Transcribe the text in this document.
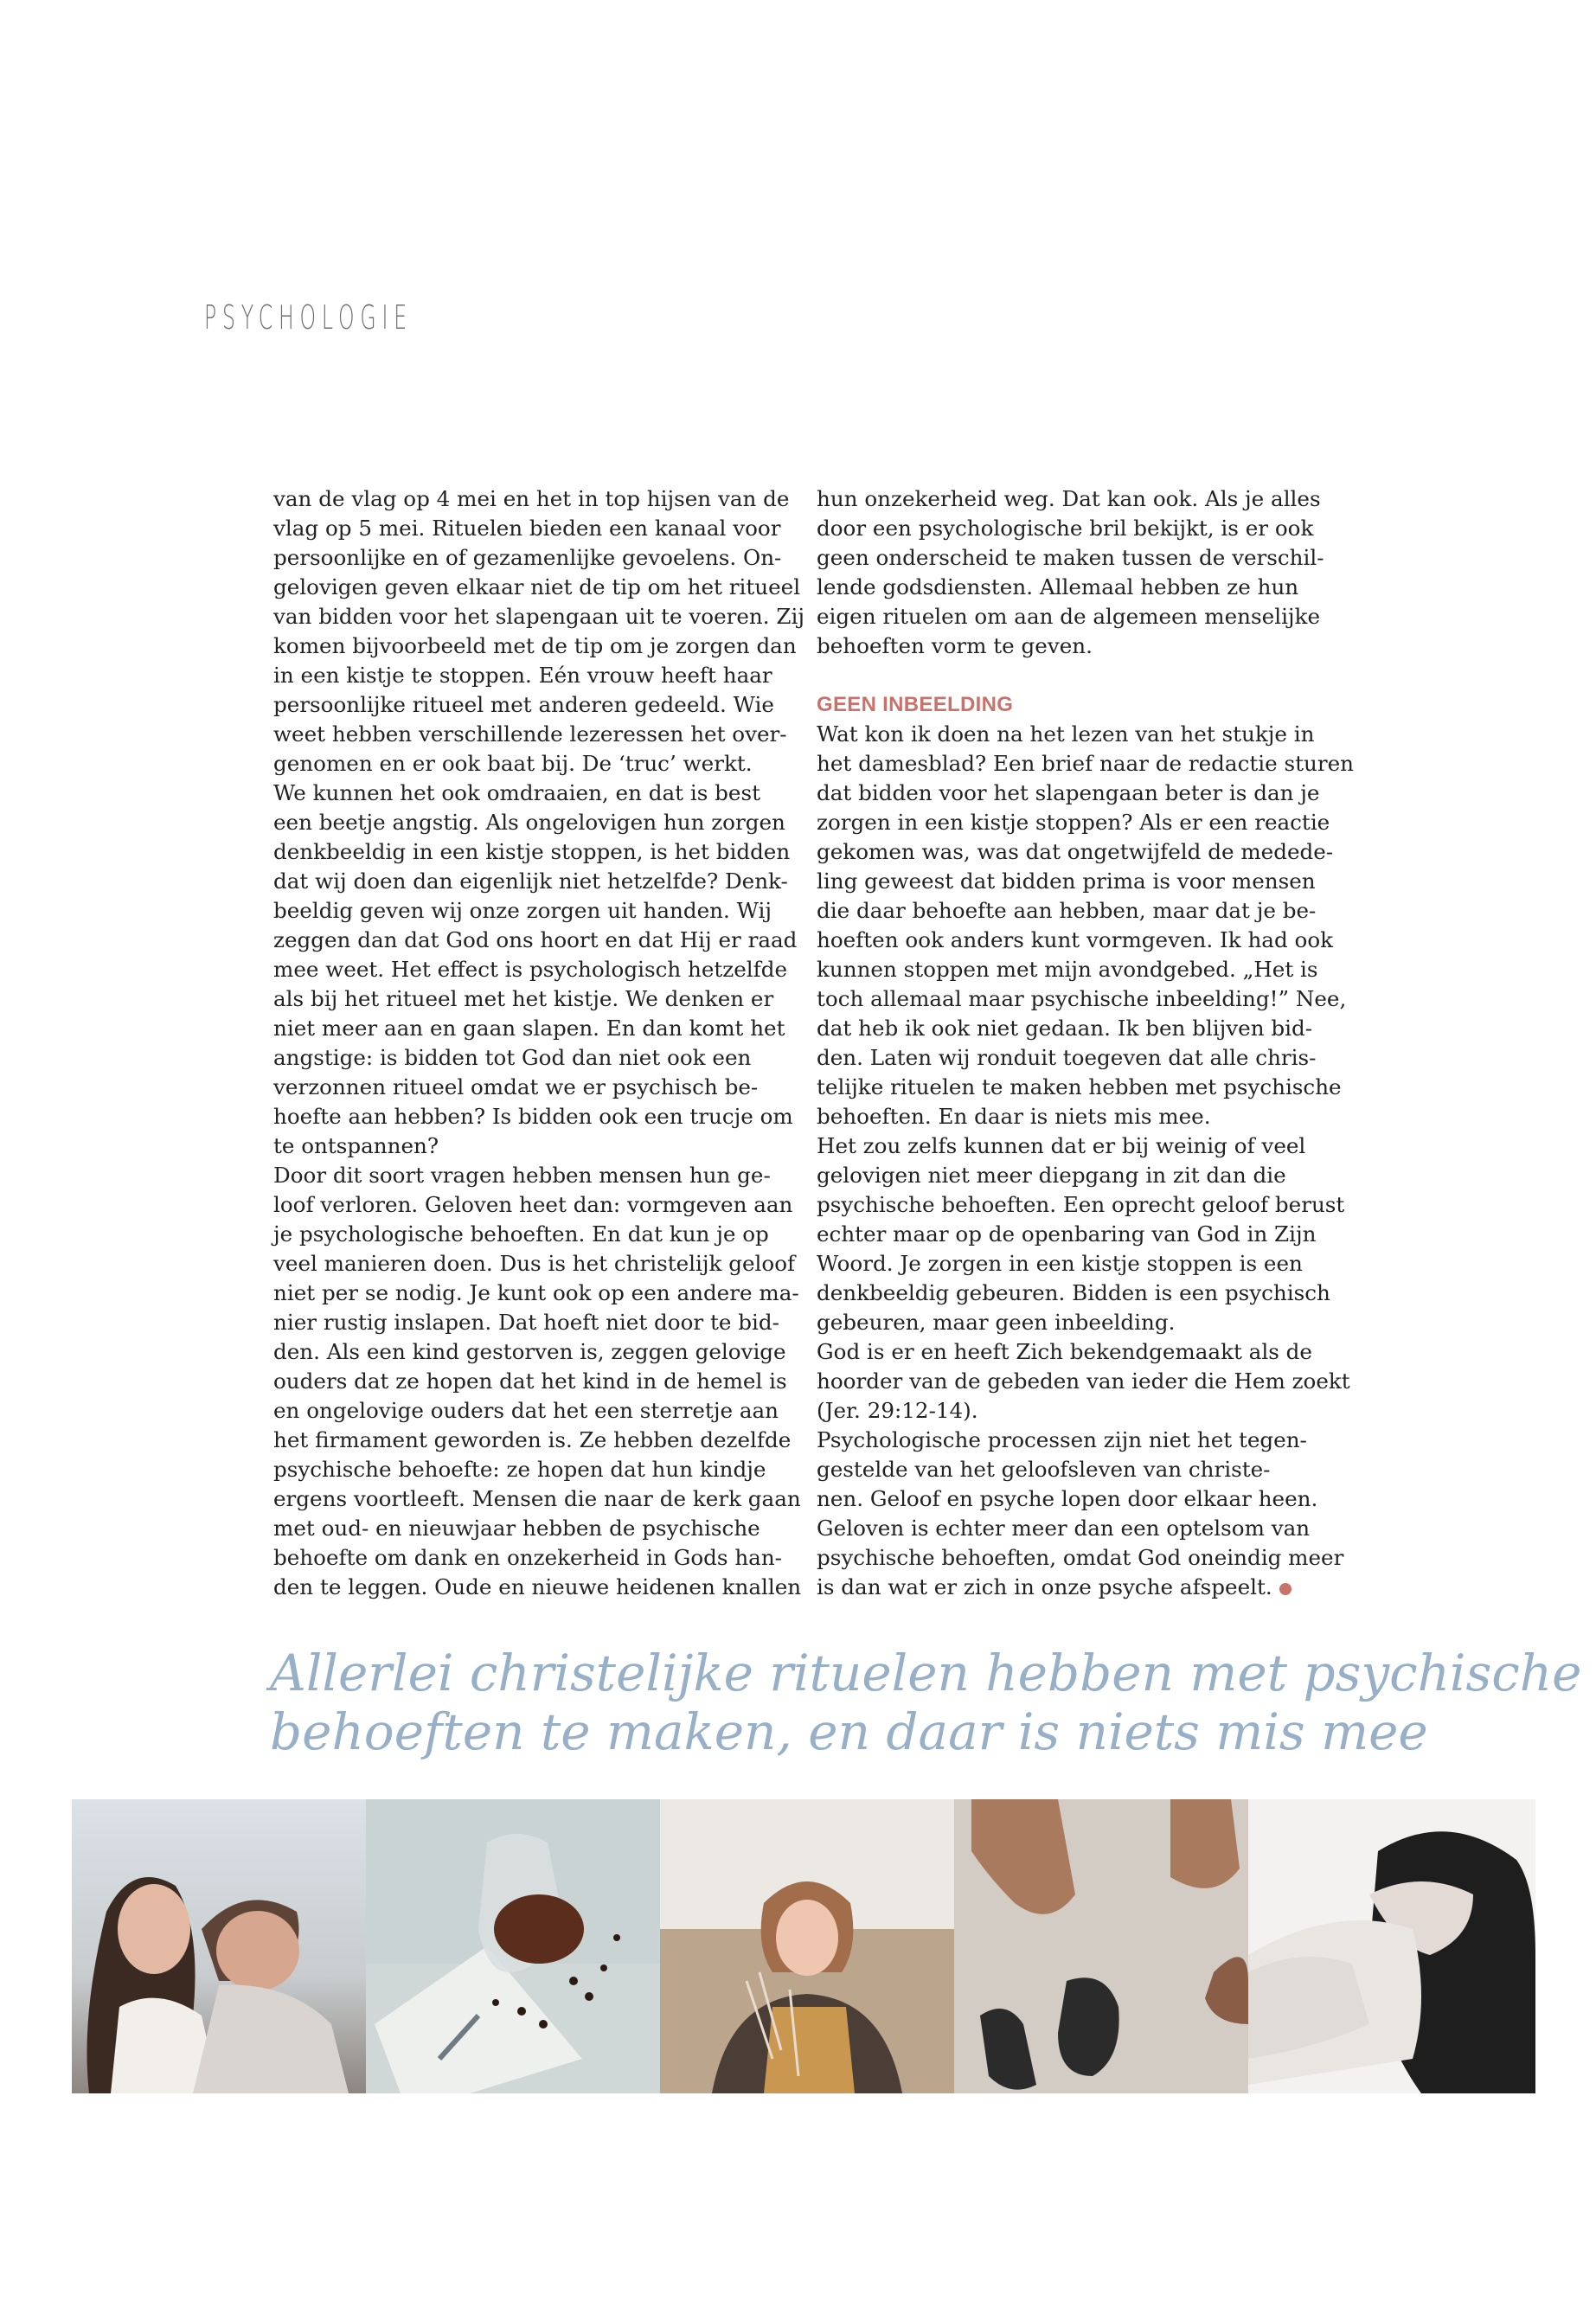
PSYCHOLOGIE
van de vlag op 4 mei en het in top hijsen van de
vlag op 5 mei. Rituelen bieden een kanaal voor
persoonlijke en of gezamenlijke gevoelens. On-
gelovigen geven elkaar niet de tip om het ritueel
van bidden voor het slapengaan uit te voeren. Zij
komen bijvoorbeeld met de tip om je zorgen dan
in een kistje te stoppen. Eén vrouw heeft haar
persoonlijke ritueel met anderen gedeeld. Wie
weet hebben verschillende lezeressen het over-
genomen en er ook baat bij. De ‘truc’ werkt.
We kunnen het ook omdraaien, en dat is best
een beetje angstig. Als ongelovigen hun zorgen
denkbeeldig in een kistje stoppen, is het bidden
dat wij doen dan eigenlijk niet hetzelfde? Denk-
beeldig geven wij onze zorgen uit handen. Wij
zeggen dan dat God ons hoort en dat Hij er raad
mee weet. Het effect is psychologisch hetzelfde
als bij het ritueel met het kistje. We denken er
niet meer aan en gaan slapen. En dan komt het
angstige: is bidden tot God dan niet ook een
verzonnen ritueel omdat we er psychisch be-
hoefte aan hebben? Is bidden ook een trucje om
te ontspannen?
Door dit soort vragen hebben mensen hun ge-
loof verloren. Geloven heet dan: vormgeven aan
je psychologische behoeften. En dat kun je op
veel manieren doen. Dus is het christelijk geloof
niet per se nodig. Je kunt ook op een andere ma-
nier rustig inslapen. Dat hoeft niet door te bid-
den. Als een kind gestorven is, zeggen gelovige
ouders dat ze hopen dat het kind in de hemel is
en ongelovige ouders dat het een sterretje aan
het firmament geworden is. Ze hebben dezelfde
psychische behoefte: ze hopen dat hun kindje
ergens voortleeft. Mensen die naar de kerk gaan
met oud- en nieuwjaar hebben de psychische
behoefte om dank en onzekerheid in Gods han-
den te leggen. Oude en nieuwe heidenen knallen
hun onzekerheid weg. Dat kan ook. Als je alles
door een psychologische bril bekijkt, is er ook
geen onderscheid te maken tussen de verschil-
lende godsdiensten. Allemaal hebben ze hun
eigen rituelen om aan de algemeen menselijke
behoeften vorm te geven.
GEEN INBEELDING
Wat kon ik doen na het lezen van het stukje in
het damesblad? Een brief naar de redactie sturen
dat bidden voor het slapengaan beter is dan je
zorgen in een kistje stoppen? Als er een reactie
gekomen was, was dat ongetwijfeld de medede-
ling geweest dat bidden prima is voor mensen
die daar behoefte aan hebben, maar dat je be-
hoeften ook anders kunt vormgeven. Ik had ook
kunnen stoppen met mijn avondgebed. „Het is
toch allemaal maar psychische inbeelding!” Nee,
dat heb ik ook niet gedaan. Ik ben blijven bid-
den. Laten wij ronduit toegeven dat alle chris-
telijke rituelen te maken hebben met psychische
behoeften. En daar is niets mis mee.
Het zou zelfs kunnen dat er bij weinig of veel
gelovigen niet meer diepgang in zit dan die
psychische behoeften. Een oprecht geloof berust
echter maar op de openbaring van God in Zijn
Woord. Je zorgen in een kistje stoppen is een
denkbeeldig gebeuren. Bidden is een psychisch
gebeuren, maar geen inbeelding.
God is er en heeft Zich bekendgemaakt als de
hoorder van de gebeden van ieder die Hem zoekt
(Jer. 29:12-14).
Psychologische processen zijn niet het tegen-
gestelde van het geloofsleven van christe-
nen. Geloof en psyche lopen door elkaar heen.
Geloven is echter meer dan een optelsom van
psychische behoeften, omdat God oneindig meer
is dan wat er zich in onze psyche afspeelt.
Allerlei christelijke rituelen hebben met psychische
behoeften te maken, en daar is niets mis mee
